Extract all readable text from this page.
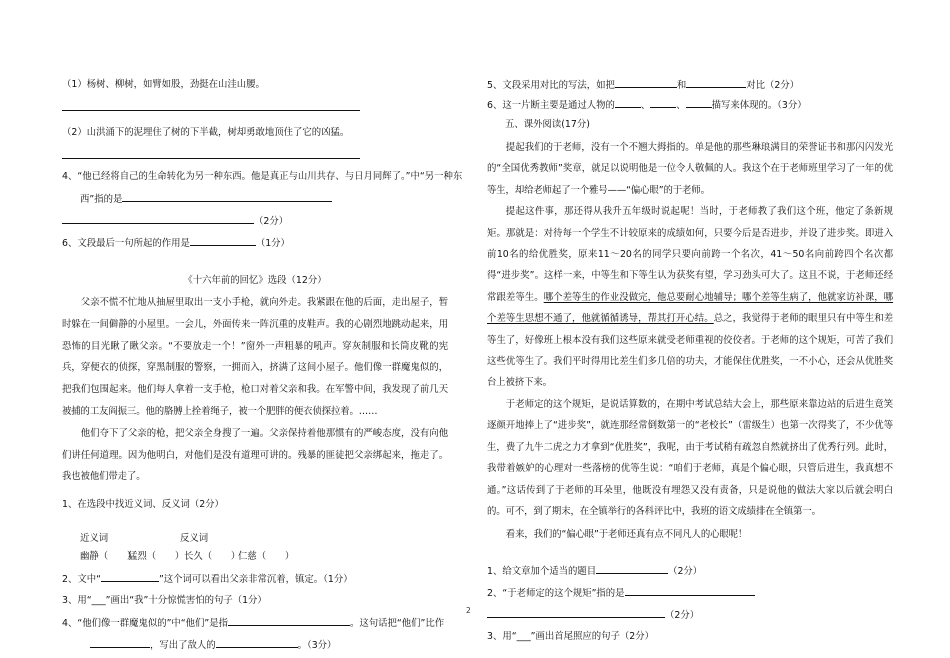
（1）杨树、柳树，如臂如股，劲挺在山洼山腰。
（2）山洪涌下的泥埋住了树的下半截，树却勇敢地顶住了它的凶猛。
4、“他已经将自己的生命转化为另一种东西。他是真正与山川共存、与日月同辉了。”中“另一种东
西”指的是
（2分）
6、文段最后一句所起的作用是	（1分）
《十六年前的回忆》选段（12分）
父亲不慌不忙地从抽屉里取出一支小手枪，就向外走。我紧跟在他的后面，走出屋子，暂时躲在一间僻静的小屋里。一会儿，外面传来一阵沉重的皮鞋声。我的心剧烈地跳动起来，用恐怖的目光瞅了瞅父亲。“不要放走一个！”窗外一声粗暴的吼声。穿灰制服和长筒皮靴的宪兵，穿便衣的侦探，穿黑制服的警察，一拥而入，挤满了这间小屋子。他们像一群魔鬼似的，把我们包围起来。他们每人拿着一支手枪，枪口对着父亲和我。在军警中间，我发现了前几天被捕的工友阎振三。他的胳膊上拴着绳子，被一个肥胖的便衣侦探拉着。……
他们夺下了父亲的枪，把父亲全身搜了一遍。父亲保持着他那惯有的严峻态度，没有向他们讲任何道理。因为他明白，对他们是没有道理可讲的。残暴的匪徒把父亲绑起来，拖走了。我也被他们带走了。
1、在选段中找近义词、反义词（2分）
近义词	反义词
幽静（　　）猛烈（　　）长久（　　）仁慈（　　）
2、文中“	”这个词可以看出父亲非常沉着，镇定。（1分）
3、用“___”画出“我”十分惊慌害怕的句子（1分）
4、“他们像一群魔鬼似的”中“他们”是指	。这句话把“他们”比作
，写出了敌人的	。（3分）
5、文段采用对比的写法，如把	和	对比（2分）
6、这一片断主要是通过人物的	、	、	描写来体现的。（3分）
五、课外阅读(17分)
提起我们的于老师，没有一个不翘大拇指的。单是他的那些琳琅满目的荣誉证书和那闪闪发光的“全国优秀教师”奖章，就足以说明他是一位令人敬佩的人。我这个在于老师班里学习了一年的优等生，却给老师起了一个雅号——“偏心眼”的于老师。
提起这件事，那还得从我升五年级时说起呢！当时，于老师教了我们这个班，他定了条新规矩。那就是：对待每一个学生不计较原来的成绩如何，只要今后是否进步，并设了进步奖。即进入前10名的给优胜奖，原来11～20名的同学只要向前跨一个名次，41～50名向前跨四个名次都得“进步奖”。这样一来，中等生和下等生认为获奖有望，学习劲头可大了。这且不说，于老师还经常跟差等生。哪个差等生的作业没做完，他总要耐心地辅导；哪个差等生病了，他就家访补课，哪个差等生思想不通了，他就循循诱导，帮其打开心结。总之，我觉得于老师的眼里只有中等生和差等生了，好像班上根本没有我们这些原来就受老师重视的佼佼者。于老师的这个规矩，可苦了我们这些优等生了。我们平时得用比差生们多几倍的功夫，才能保住优胜奖，一不小心，还会从优胜奖台上被挤下来。
于老师定的这个规矩，是说话算数的，在期中考试总结大会上，那些原来靠边站的后进生竟笑逐颜开地捧上了“进步奖”，就连那经常倒数第一的“老校长”（雷级生）也第一次得奖了，不少优等生，费了九牛二虎之力才拿到“优胜奖”，我呢，由于考试稍有疏忽自然就挤出了优秀行列。此时，我带着嫉妒的心理对一些落榜的优等生说：“咱们于老师，真是个偏心眼，只管后进生，我真想不通。”这话传到了于老师的耳朵里，他既没有埋怨又没有责备，只是说他的做法大家以后就会明白的。可不，到了期末，在全镇举行的各科评比中，我班的语文成绩排在全镇第一。
看来，我们的“偏心眼”于老师还真有点不同凡人的心眼呢！
1、给文章加个适当的题目	（2分）
2、“于老师定的这个规矩”指的是
（2分）
3、用“___”画出首尾照应的句子（2分）
2
